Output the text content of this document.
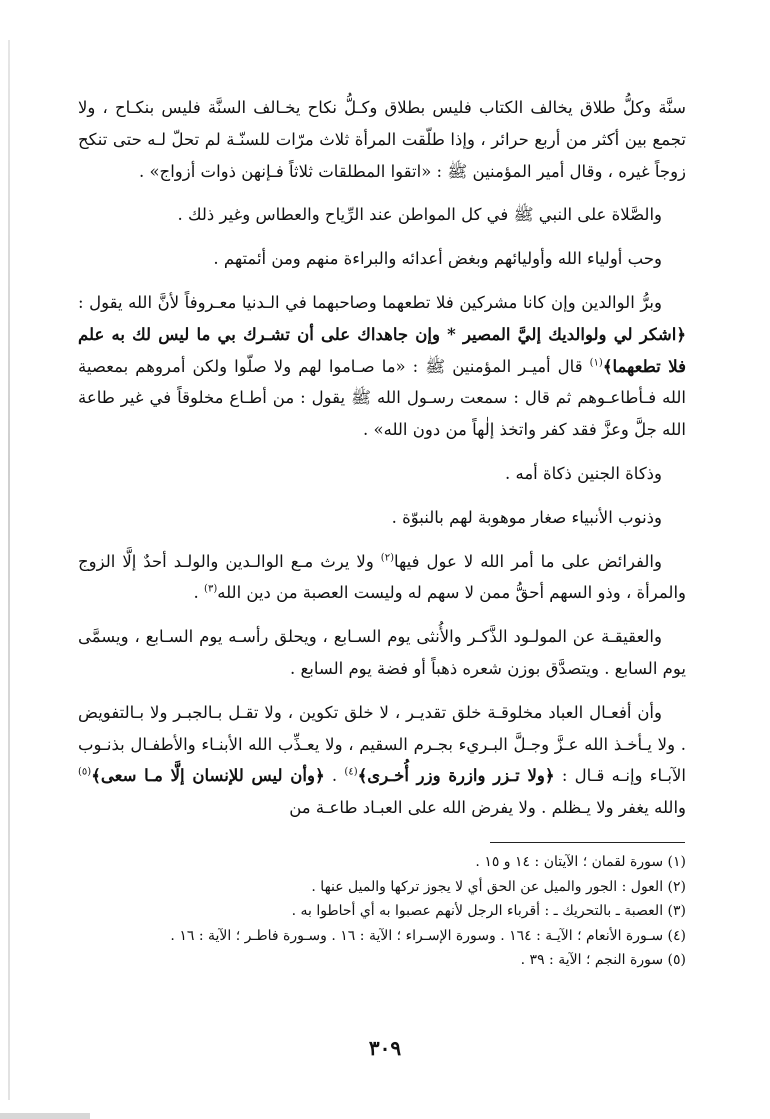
سنَّة وكلُّ طلاق يخالف الكتاب فليس بطلاق وكـلُّ نكاح يخـالف السنَّة فليس بنكـاح ، ولا تجمع بين أكثر من أربع حرائر ، وإذا طلّقت المرأة ثلاث مرّات للسنّـة لم تحلّ لـه حتى تنكح زوجاً غيره ، وقال أمير المؤمنين ﷺ : «اتقوا المطلقات ثلاثاً فـإنهن ذوات أزواج» .

والصَّلاة على النبي ﷺ في كل المواطن عند الرِّياح والعطاس وغير ذلك .

وحب أولياء الله وأوليائهم وبغض أعدائه والبراءة منهم ومن أئمتهم .

وبرُّ الوالدين وإن كانا مشركين فلا تطعهما وصاحبهما في الـدنيا معـروفاً لأنَّ الله يقول : ﴿اشكر لي ولوالديك إليَّ المصير * وإن جاهداك على أن تشـرك بي ما ليس لك به علم فلا تطعهما﴾$^{(١)}$ قال أميـر المؤمنين ﷺ : «ما صـاموا لهم ولا صلّوا ولكن أمروهم بمعصية الله فـأطاعـوهم ثم قال : سمعت رسـول الله ﷺ يقول : من أطـاع مخلوقاً في غير طاعة الله جلَّ وعزَّ فقد كفر واتخذ إلٰهاً من دون الله» .

وذكاة الجنين ذكاة أمه .

وذنوب الأنبياء صغار موهوبة لهم بالنبوّة .

والفرائض على ما أمر الله لا عول فيها$^{(٢)}$ ولا يرث مـع الوالـدين والولـد أحدٌ إلَّا الزوج والمرأة ، وذو السهم أحقُّ ممن لا سهم له وليست العصبة من دين الله$^{(٣)}$ .

والعقيقـة عن المولـود الذَّكـر والأُنثى يوم السـابع ، ويحلق رأسـه يوم السـابع ، ويسمَّى يوم السابع . ويتصدَّق بوزن شعره ذهباً أو فضة يوم السابع .

وأن أفعـال العباد مخلوقـة خلق تقديـر ، لا خلق تكوين ، ولا تقـل بـالجبـر ولا بـالتفويض . ولا يـأخـذ الله عـزَّ وجـلَّ البـريء بجـرم السقيم ، ولا يعـذِّب الله الأبنـاء والأطفـال بذنـوب الآبـاء وإنـه قـال : ﴿ولا تـزر وازرة وزر أُخـرى﴾$^{(٤)}$ . ﴿وأن ليس للإنسان إلَّا مـا سعى﴾$^{(٥)}$ والله يغفر ولا يـظلم . ولا يفرض الله على العبـاد طاعـة من

(١) سورة لقمان ؛ الآيتان : ١٤ و ١٥ .

(٢) العول : الجور والميل عن الحق أي لا يجوز تركها والميل عنها .

(٣) العصبة ـ بالتحريك ـ : أقرباء الرجل لأنهم عصبوا به أي أحاطوا به .

(٤) سـورة الأنعام ؛ الآيـة : ١٦٤ . وسورة الإسـراء ؛ الآية : ١٦ . وسـورة فاطـر ؛ الآية : ١٦ .

(٥) سورة النجم ؛ الآية : ٣٩ .

٣٠٩
